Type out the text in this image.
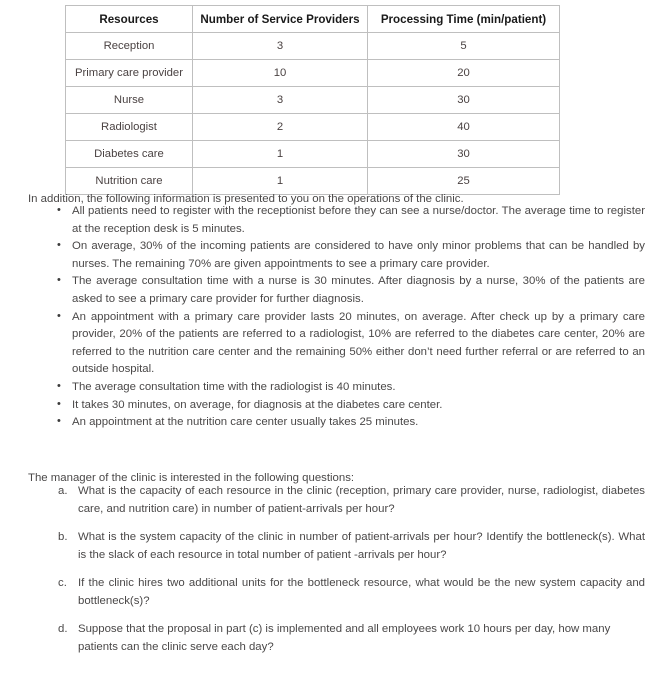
Resources	Number of Service Providers	Processing Time (min/patient)
Reception	3	5
Primary care provider	10	20
Nurse	3	30
Radiologist	2	40
Diabetes care	1	30
Nutrition care	1	25

In addition, the following information is presented to you on the operations of the clinic.

• All patients need to register with the receptionist before they can see a nurse/doctor. The average time to register at the reception desk is 5 minutes.
• On average, 30% of the incoming patients are considered to have only minor problems that can be handled by nurses. The remaining 70% are given appointments to see a primary care provider.
• The average consultation time with a nurse is 30 minutes. After diagnosis by a nurse, 30% of the patients are asked to see a primary care provider for further diagnosis.
• An appointment with a primary care provider lasts 20 minutes, on average. After check up by a primary care provider, 20% of the patients are referred to a radiologist, 10% are referred to the diabetes care center, 20% are referred to the nutrition care center and the remaining 50% either don’t need further referral or are referred to an outside hospital.
• The average consultation time with the radiologist is 40 minutes.
• It takes 30 minutes, on average, for diagnosis at the diabetes care center.
• An appointment at the nutrition care center usually takes 25 minutes.

The manager of the clinic is interested in the following questions:

a. What is the capacity of each resource in the clinic (reception, primary care provider, nurse, radiologist, diabetes care, and nutrition care) in number of patient-arrivals per hour?
b. What is the system capacity of the clinic in number of patient-arrivals per hour? Identify the bottleneck(s). What is the slack of each resource in total number of patient -arrivals per hour?
c. If the clinic hires two additional units for the bottleneck resource, what would be the new system capacity and bottleneck(s)?
d. Suppose that the proposal in part (c) is implemented and all employees work 10 hours per day, how many patients can the clinic serve each day?
